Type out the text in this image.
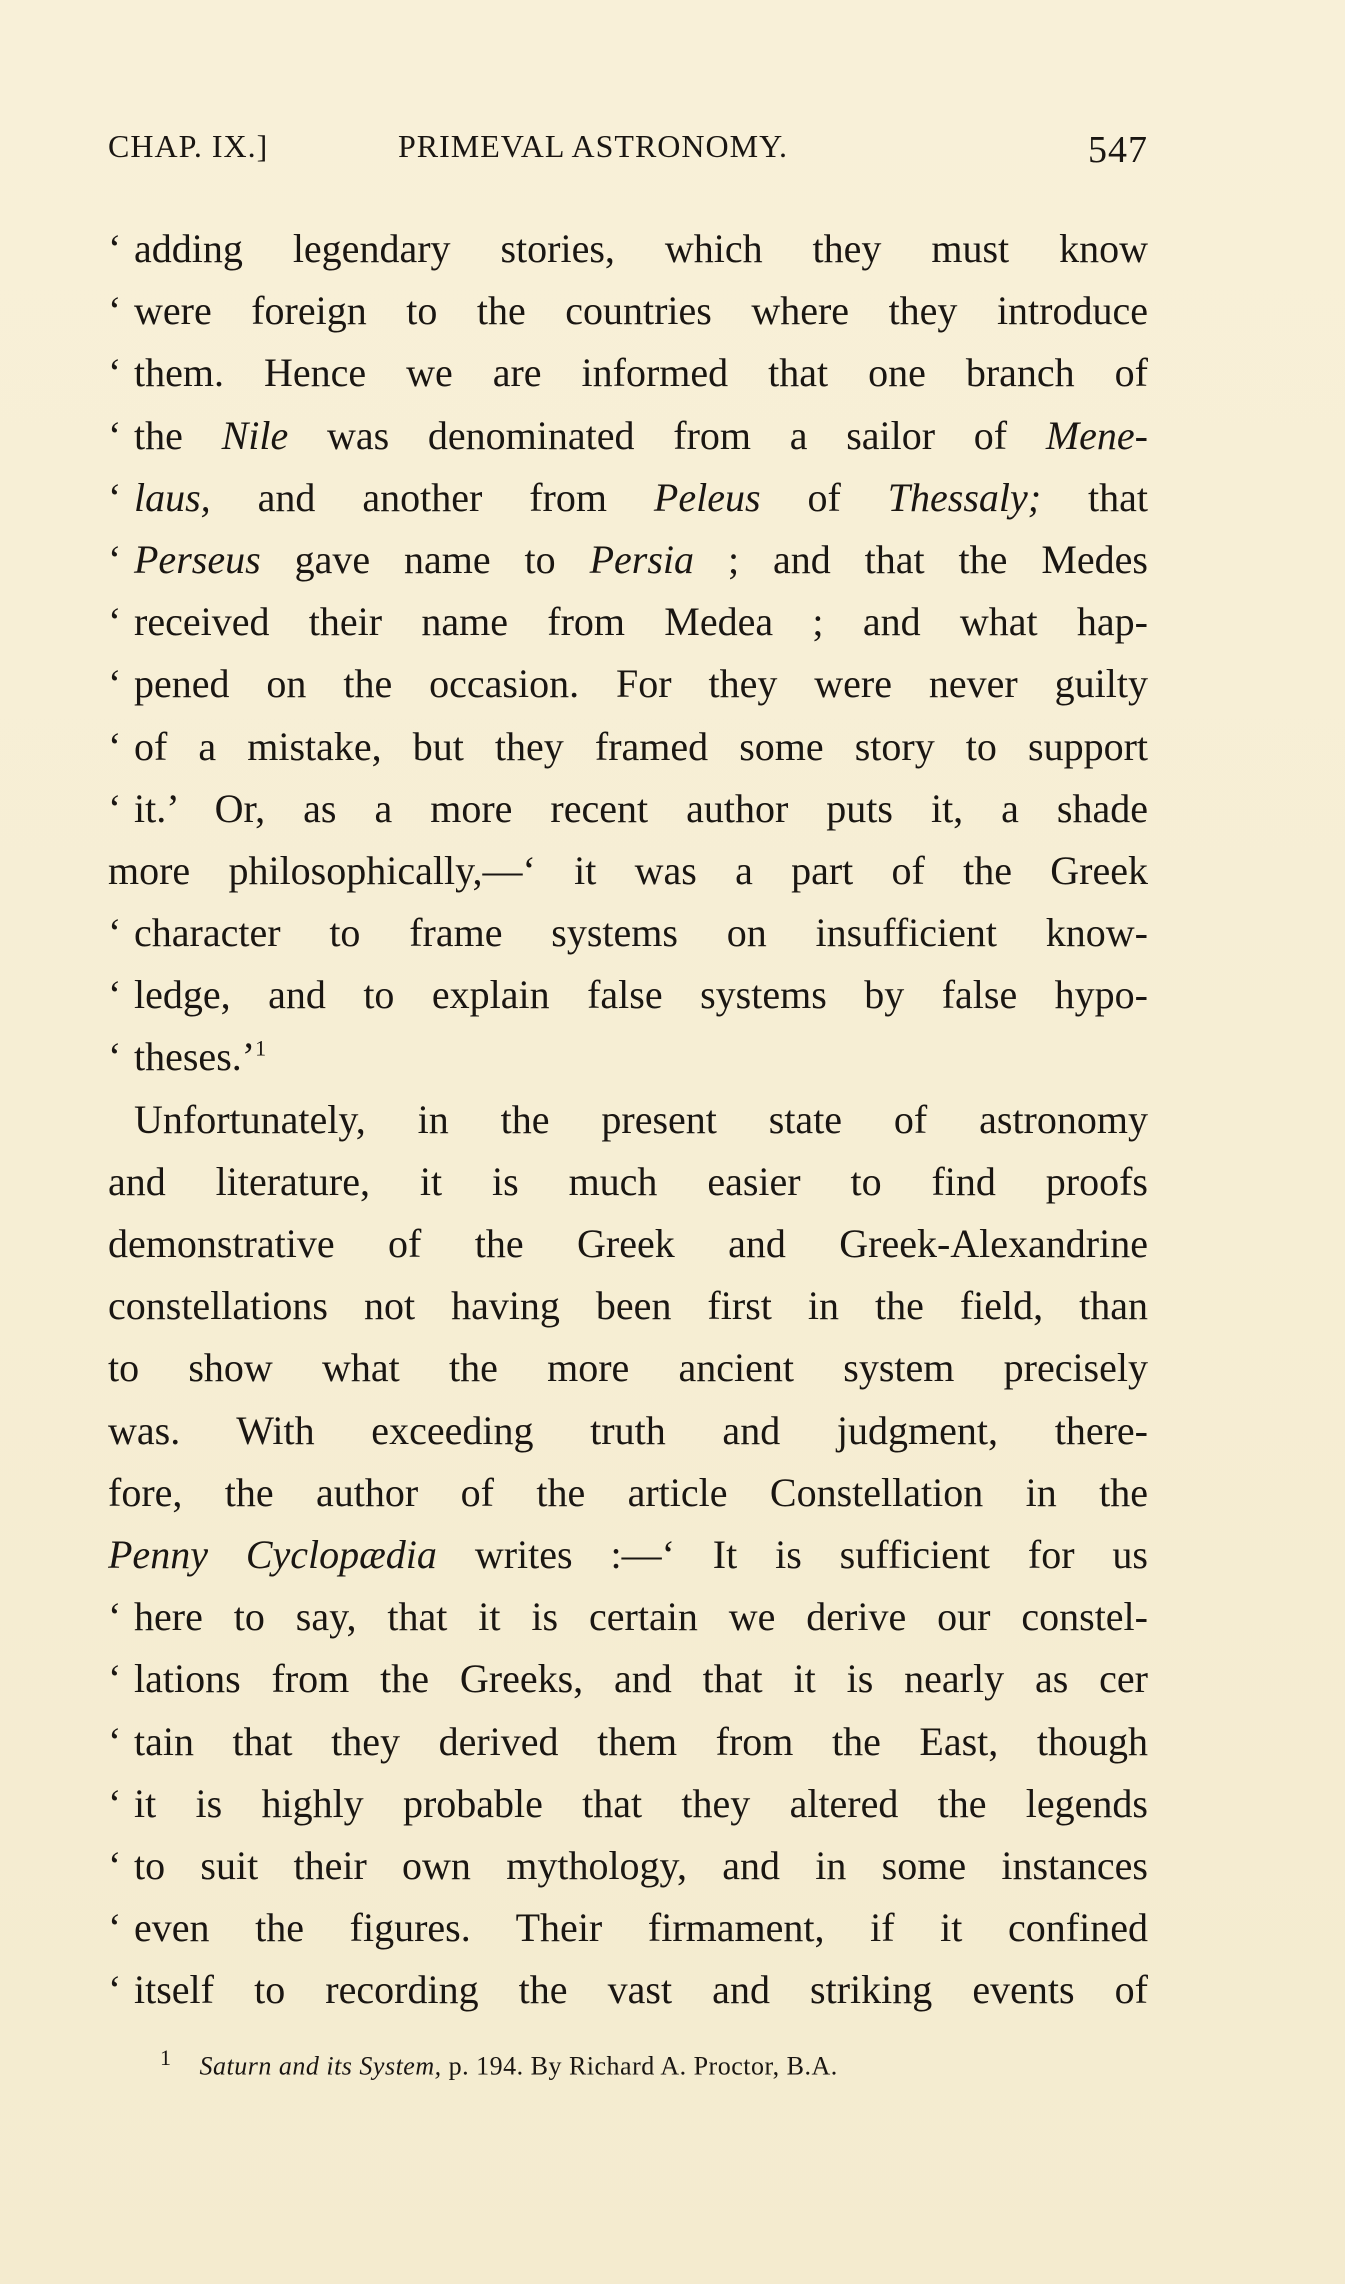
CHAP. IX.]	PRIMEVAL ASTRONOMY.	547
‘ adding legendary stories, which they must know
‘ were foreign to the countries where they introduce
‘ them. Hence we are informed that one branch of
‘ the Nile was denominated from a sailor of Mene-
‘ laus, and another from Peleus of Thessaly; that
‘ Perseus gave name to Persia ; and that the Medes
‘ received their name from Medea ; and what hap-
‘ pened on the occasion. For they were never guilty
‘ of a mistake, but they framed some story to support
‘ it.’ Or, as a more recent author puts it, a shade
more philosophically,—‘ it was a part of the Greek
‘ character to frame systems on insufficient know-
‘ ledge, and to explain false systems by false hypo-
‘ theses.’$^1$
Unfortunately, in the present state of astronomy
and literature, it is much easier to find proofs
demonstrative of the Greek and Greek-Alexandrine
constellations not having been first in the field, than
to show what the more ancient system precisely
was. With exceeding truth and judgment, there-
fore, the author of the article Constellation in the
Penny Cyclopædia writes :—‘ It is sufficient for us
‘ here to say, that it is certain we derive our constel-
‘ lations from the Greeks, and that it is nearly as cer
‘ tain that they derived them from the East, though
‘ it is highly probable that they altered the legends
‘ to suit their own mythology, and in some instances
‘ even the figures. Their firmament, if it confined
‘ itself to recording the vast and striking events of
$^1$ Saturn and its System, p. 194. By Richard A. Proctor, B.A.
